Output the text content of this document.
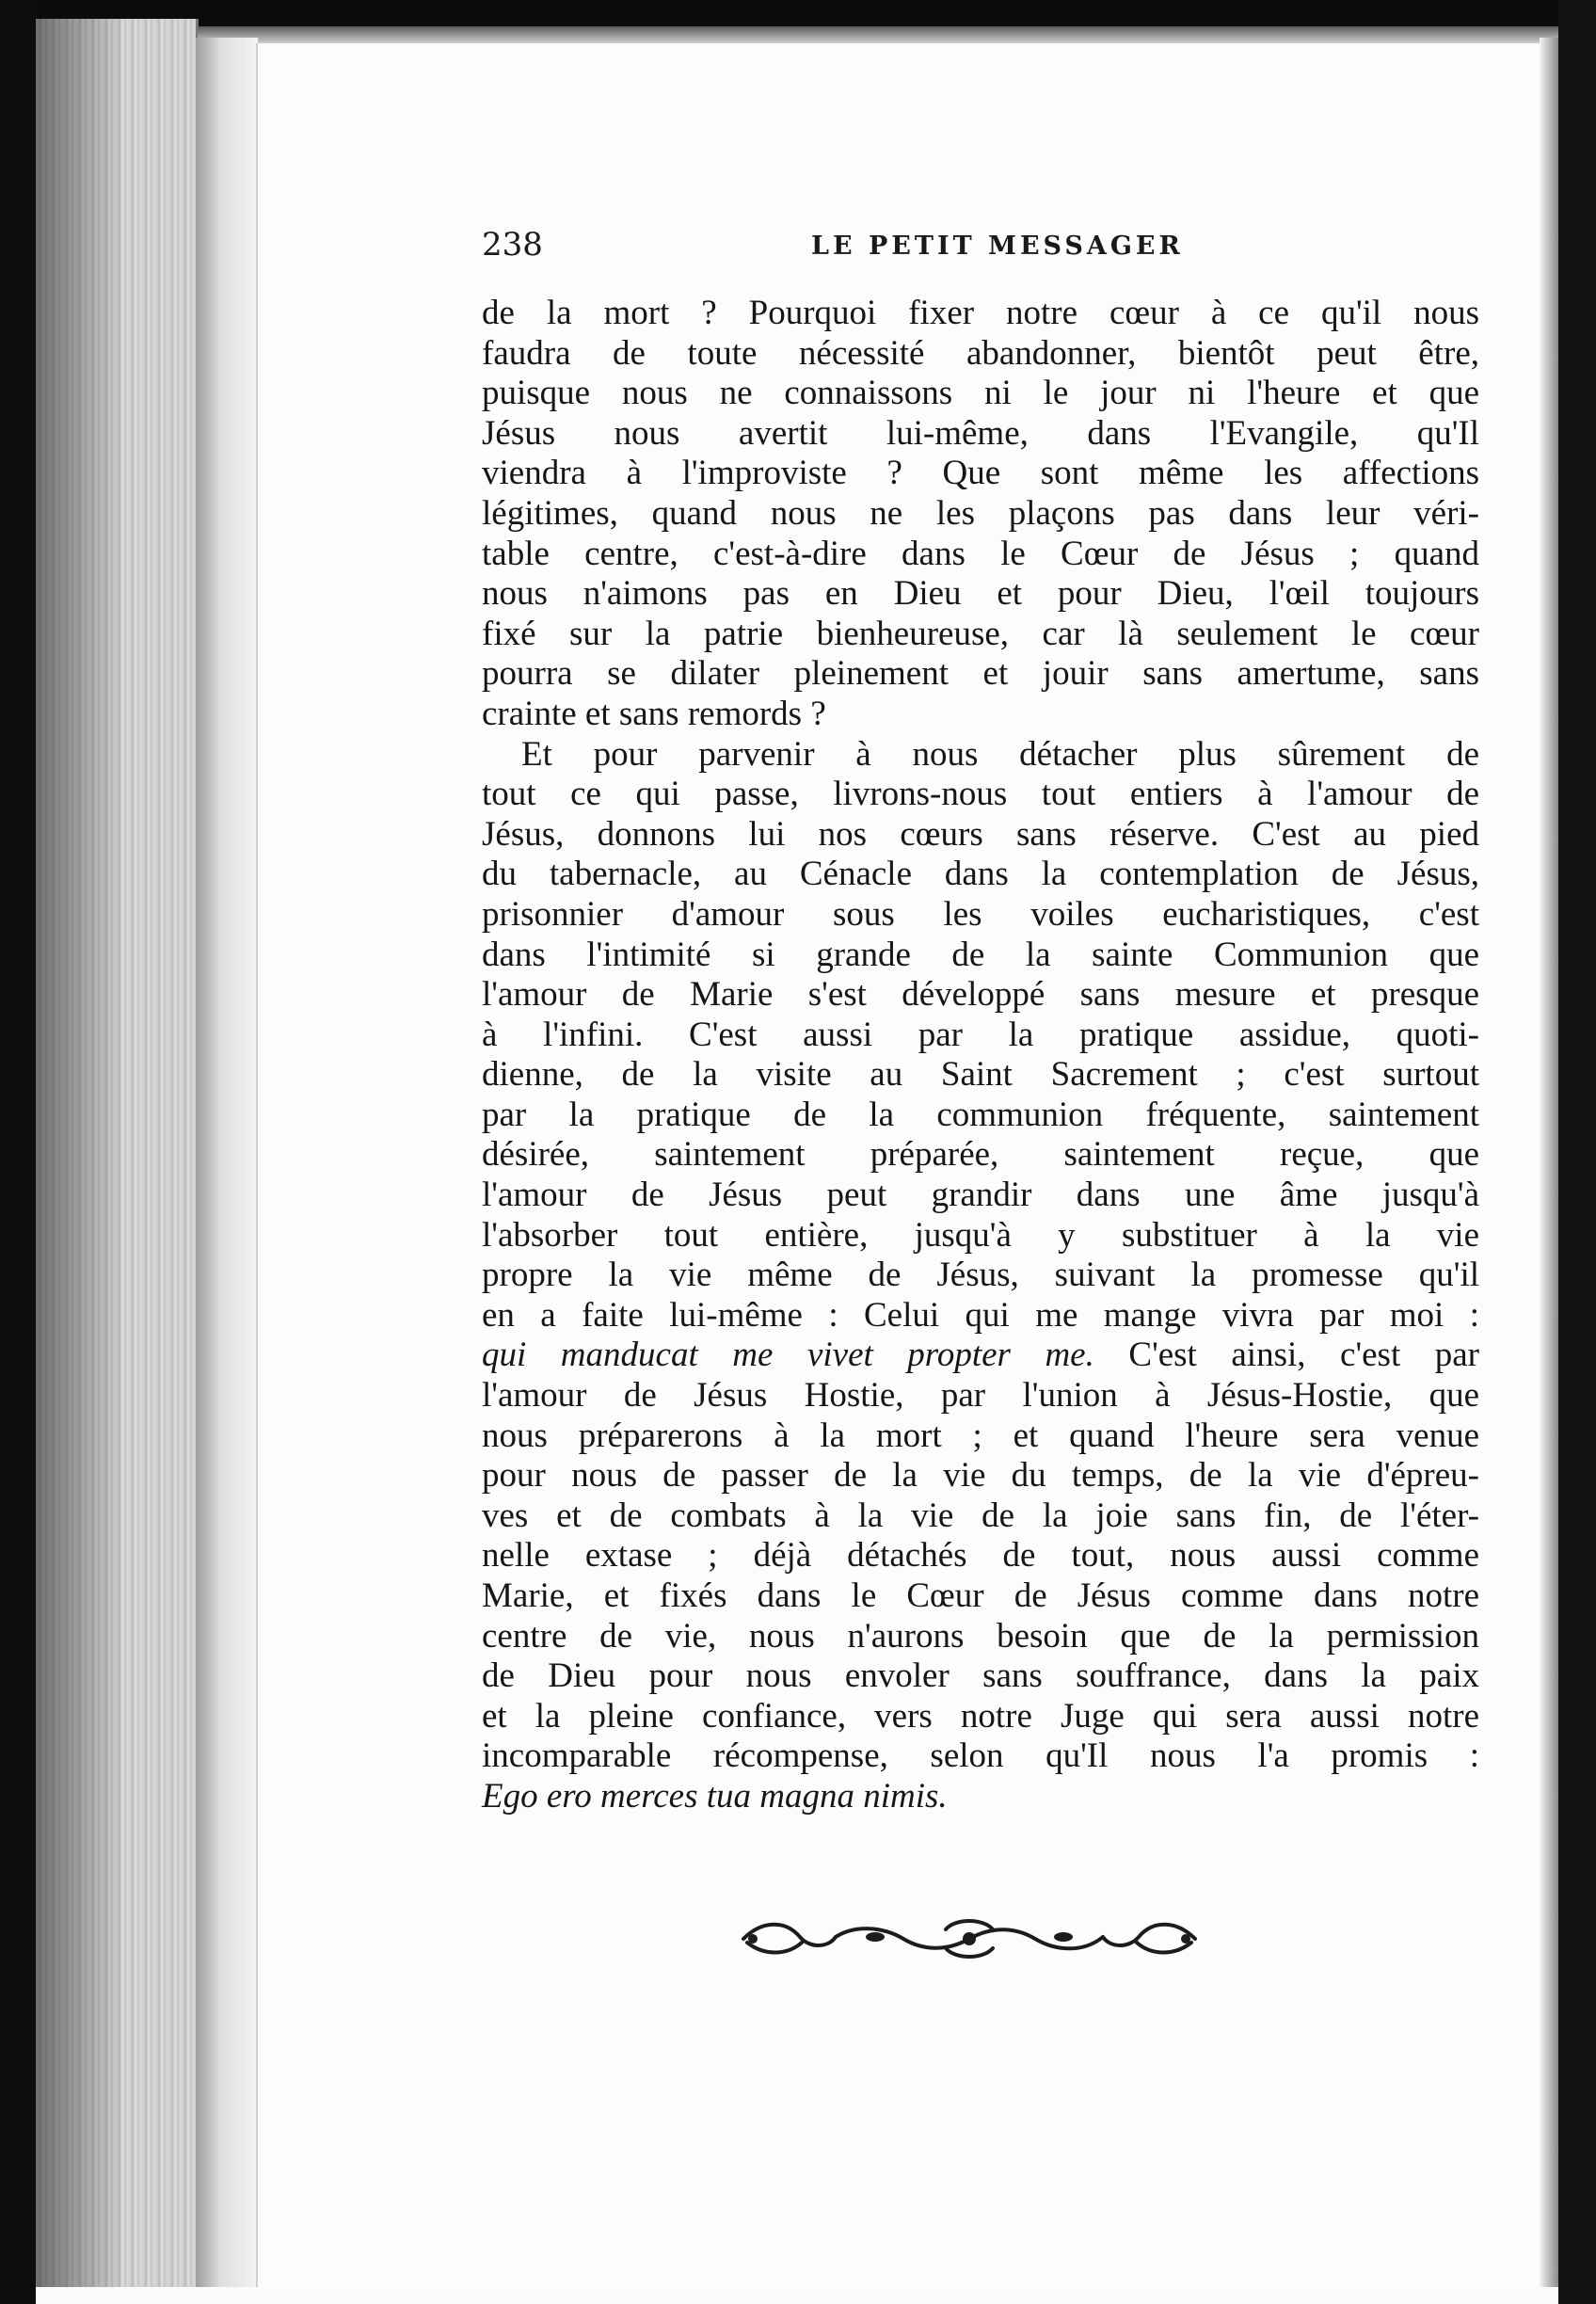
238	LE PETIT MESSAGER
de la mort ? Pourquoi fixer notre cœur à ce qu'il nous
faudra de toute nécessité abandonner, bientôt peut être,
puisque nous ne connaissons ni le jour ni l'heure et que
Jésus nous avertit lui-même, dans l'Evangile, qu'Il
viendra à l'improviste ? Que sont même les affections
légitimes, quand nous ne les plaçons pas dans leur véri-
table centre, c'est-à-dire dans le Cœur de Jésus ; quand
nous n'aimons pas en Dieu et pour Dieu, l'œil toujours
fixé sur la patrie bienheureuse, car là seulement le cœur
pourra se dilater pleinement et jouir sans amertume, sans
crainte et sans remords ?
Et pour parvenir à nous détacher plus sûrement de
tout ce qui passe, livrons-nous tout entiers à l'amour de
Jésus, donnons lui nos cœurs sans réserve. C'est au pied
du tabernacle, au Cénacle dans la contemplation de Jésus,
prisonnier d'amour sous les voiles eucharistiques, c'est
dans l'intimité si grande de la sainte Communion que
l'amour de Marie s'est développé sans mesure et presque
à l'infini. C'est aussi par la pratique assidue, quoti-
dienne, de la visite au Saint Sacrement ; c'est surtout
par la pratique de la communion fréquente, saintement
désirée, saintement préparée, saintement reçue, que
l'amour de Jésus peut grandir dans une âme jusqu'à
l'absorber tout entière, jusqu'à y substituer à la vie
propre la vie même de Jésus, suivant la promesse qu'il
en a faite lui-même : Celui qui me mange vivra par moi :
qui manducat me vivet propter me. C'est ainsi, c'est par
l'amour de Jésus Hostie, par l'union à Jésus-Hostie, que
nous préparerons à la mort ; et quand l'heure sera venue
pour nous de passer de la vie du temps, de la vie d'épreu-
ves et de combats à la vie de la joie sans fin, de l'éter-
nelle extase ; déjà détachés de tout, nous aussi comme
Marie, et fixés dans le Cœur de Jésus comme dans notre
centre de vie, nous n'aurons besoin que de la permission
de Dieu pour nous envoler sans souffrance, dans la paix
et la pleine confiance, vers notre Juge qui sera aussi notre
incomparable récompense, selon qu'Il nous l'a promis :
Ego ero merces tua magna nimis.
